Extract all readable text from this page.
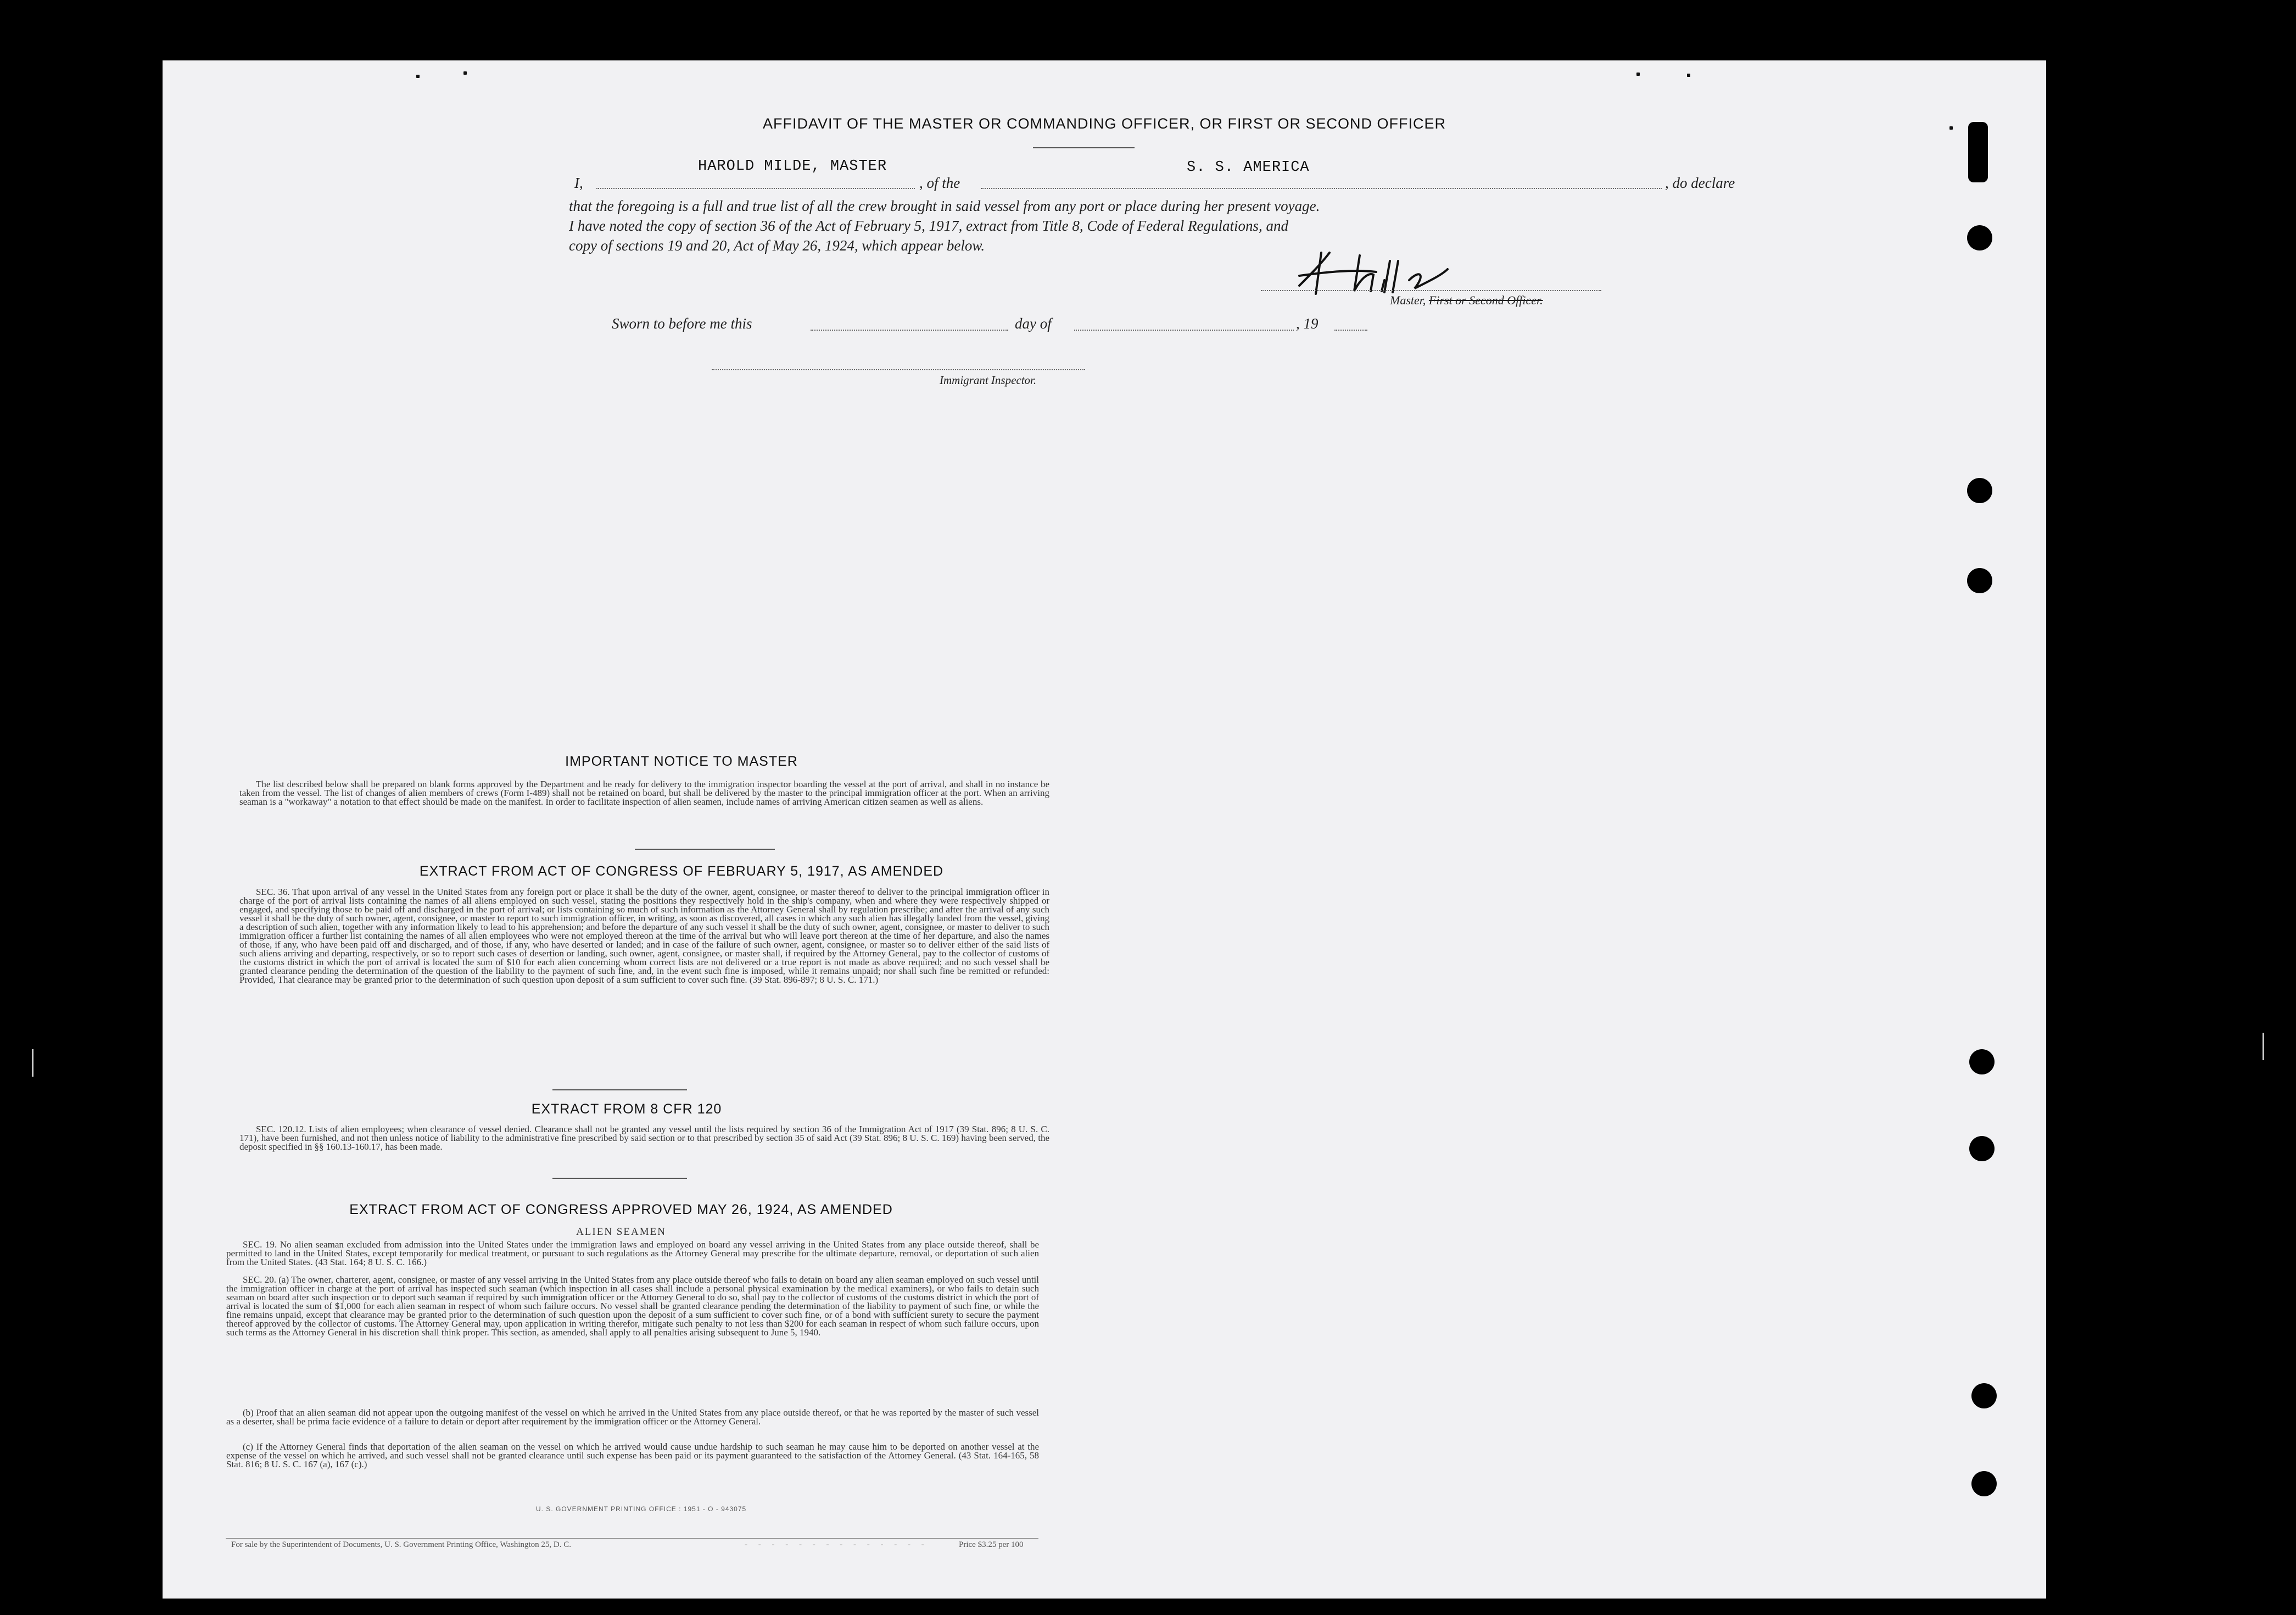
AFFIDAVIT OF THE MASTER OR COMMANDING OFFICER, OR FIRST OR SECOND OFFICER
HAROLD MILDE, MASTER	S. S. AMERICA
I,	, of the	, do declare
that the foregoing is a full and true list of all the crew brought in said vessel from any port or place during her present voyage.
I have noted the copy of section 36 of the Act of February 5, 1917, extract from Title 8, Code of Federal Regulations, and
copy of sections 19 and 20, Act of May 26, 1924, which appear below.
Master, First or Second Officer.
Sworn to before me this	day of	, 19
Immigrant Inspector.
IMPORTANT NOTICE TO MASTER
The list described below shall be prepared on blank forms approved by the Department and be ready for delivery to the immigration inspector boarding the vessel at the port of arrival, and shall in no instance be taken from the vessel. The list of changes of alien members of crews (Form I-489) shall not be retained on board, but shall be delivered by the master to the principal immigration officer at the port. When an arriving seaman is a "workaway" a notation to that effect should be made on the manifest. In order to facilitate inspection of alien seamen, include names of arriving American citizen seamen as well as aliens.
EXTRACT FROM ACT OF CONGRESS OF FEBRUARY 5, 1917, AS AMENDED
SEC. 36. That upon arrival of any vessel in the United States from any foreign port or place it shall be the duty of the owner, agent, consignee, or master thereof to deliver to the principal immigration officer in charge of the port of arrival lists containing the names of all aliens employed on such vessel, stating the positions they respectively hold in the ship's company, when and where they were respectively shipped or engaged, and specifying those to be paid off and discharged in the port of arrival; or lists containing so much of such information as the Attorney General shall by regulation prescribe; and after the arrival of any such vessel it shall be the duty of such owner, agent, consignee, or master to report to such immigration officer, in writing, as soon as discovered, all cases in which any such alien has illegally landed from the vessel, giving a description of such alien, together with any information likely to lead to his apprehension; and before the departure of any such vessel it shall be the duty of such owner, agent, consignee, or master to deliver to such immigration officer a further list containing the names of all alien employees who were not employed thereon at the time of the arrival but who will leave port thereon at the time of her departure, and also the names of those, if any, who have been paid off and discharged, and of those, if any, who have deserted or landed; and in case of the failure of such owner, agent, consignee, or master so to deliver either of the said lists of such aliens arriving and departing, respectively, or so to report such cases of desertion or landing, such owner, agent, consignee, or master shall, if required by the Attorney General, pay to the collector of customs of the customs district in which the port of arrival is located the sum of $10 for each alien concerning whom correct lists are not delivered or a true report is not made as above required; and no such vessel shall be granted clearance pending the determination of the question of the liability to the payment of such fine, and, in the event such fine is imposed, while it remains unpaid; nor shall such fine be remitted or refunded: Provided, That clearance may be granted prior to the determination of such question upon deposit of a sum sufficient to cover such fine. (39 Stat. 896-897; 8 U. S. C. 171.)
EXTRACT FROM 8 CFR 120
SEC. 120.12. Lists of alien employees; when clearance of vessel denied. Clearance shall not be granted any vessel until the lists required by section 36 of the Immigration Act of 1917 (39 Stat. 896; 8 U. S. C. 171), have been furnished, and not then unless notice of liability to the administrative fine prescribed by said section or to that prescribed by section 35 of said Act (39 Stat. 896; 8 U. S. C. 169) having been served, the deposit specified in §§ 160.13-160.17, has been made.
EXTRACT FROM ACT OF CONGRESS APPROVED MAY 26, 1924, AS AMENDED
ALIEN SEAMEN
SEC. 19. No alien seaman excluded from admission into the United States under the immigration laws and employed on board any vessel arriving in the United States from any place outside thereof, shall be permitted to land in the United States, except temporarily for medical treatment, or pursuant to such regulations as the Attorney General may prescribe for the ultimate departure, removal, or deportation of such alien from the United States. (43 Stat. 164; 8 U. S. C. 166.)
SEC. 20. (a) The owner, charterer, agent, consignee, or master of any vessel arriving in the United States from any place outside thereof who fails to detain on board any alien seaman employed on such vessel until the immigration officer in charge at the port of arrival has inspected such seaman (which inspection in all cases shall include a personal physical examination by the medical examiners), or who fails to detain such seaman on board after such inspection or to deport such seaman if required by such immigration officer or the Attorney General to do so, shall pay to the collector of customs of the customs district in which the port of arrival is located the sum of $1,000 for each alien seaman in respect of whom such failure occurs. No vessel shall be granted clearance pending the determination of the liability to payment of such fine, or while the fine remains unpaid, except that clearance may be granted prior to the determination of such question upon the deposit of a sum sufficient to cover such fine, or of a bond with sufficient surety to secure the payment thereof approved by the collector of customs. The Attorney General may, upon application in writing therefor, mitigate such penalty to not less than $200 for each seaman in respect of whom such failure occurs, upon such terms as the Attorney General in his discretion shall think proper. This section, as amended, shall apply to all penalties arising subsequent to June 5, 1940.
(b) Proof that an alien seaman did not appear upon the outgoing manifest of the vessel on which he arrived in the United States from any place outside thereof, or that he was reported by the master of such vessel as a deserter, shall be prima facie evidence of a failure to detain or deport after requirement by the immigration officer or the Attorney General.
(c) If the Attorney General finds that deportation of the alien seaman on the vessel on which he arrived would cause undue hardship to such seaman he may cause him to be deported on another vessel at the expense of the vessel on which he arrived, and such vessel shall not be granted clearance until such expense has been paid or its payment guaranteed to the satisfaction of the Attorney General. (43 Stat. 164-165, 58 Stat. 816; 8 U. S. C. 167 (a), 167 (c).)
U. S. GOVERNMENT PRINTING OFFICE : 1951 - O - 943075
For sale by the Superintendent of Documents, U. S. Government Printing Office, Washington 25, D. C.	- - - - - - - - - - - - - -	Price $3.25 per 100
